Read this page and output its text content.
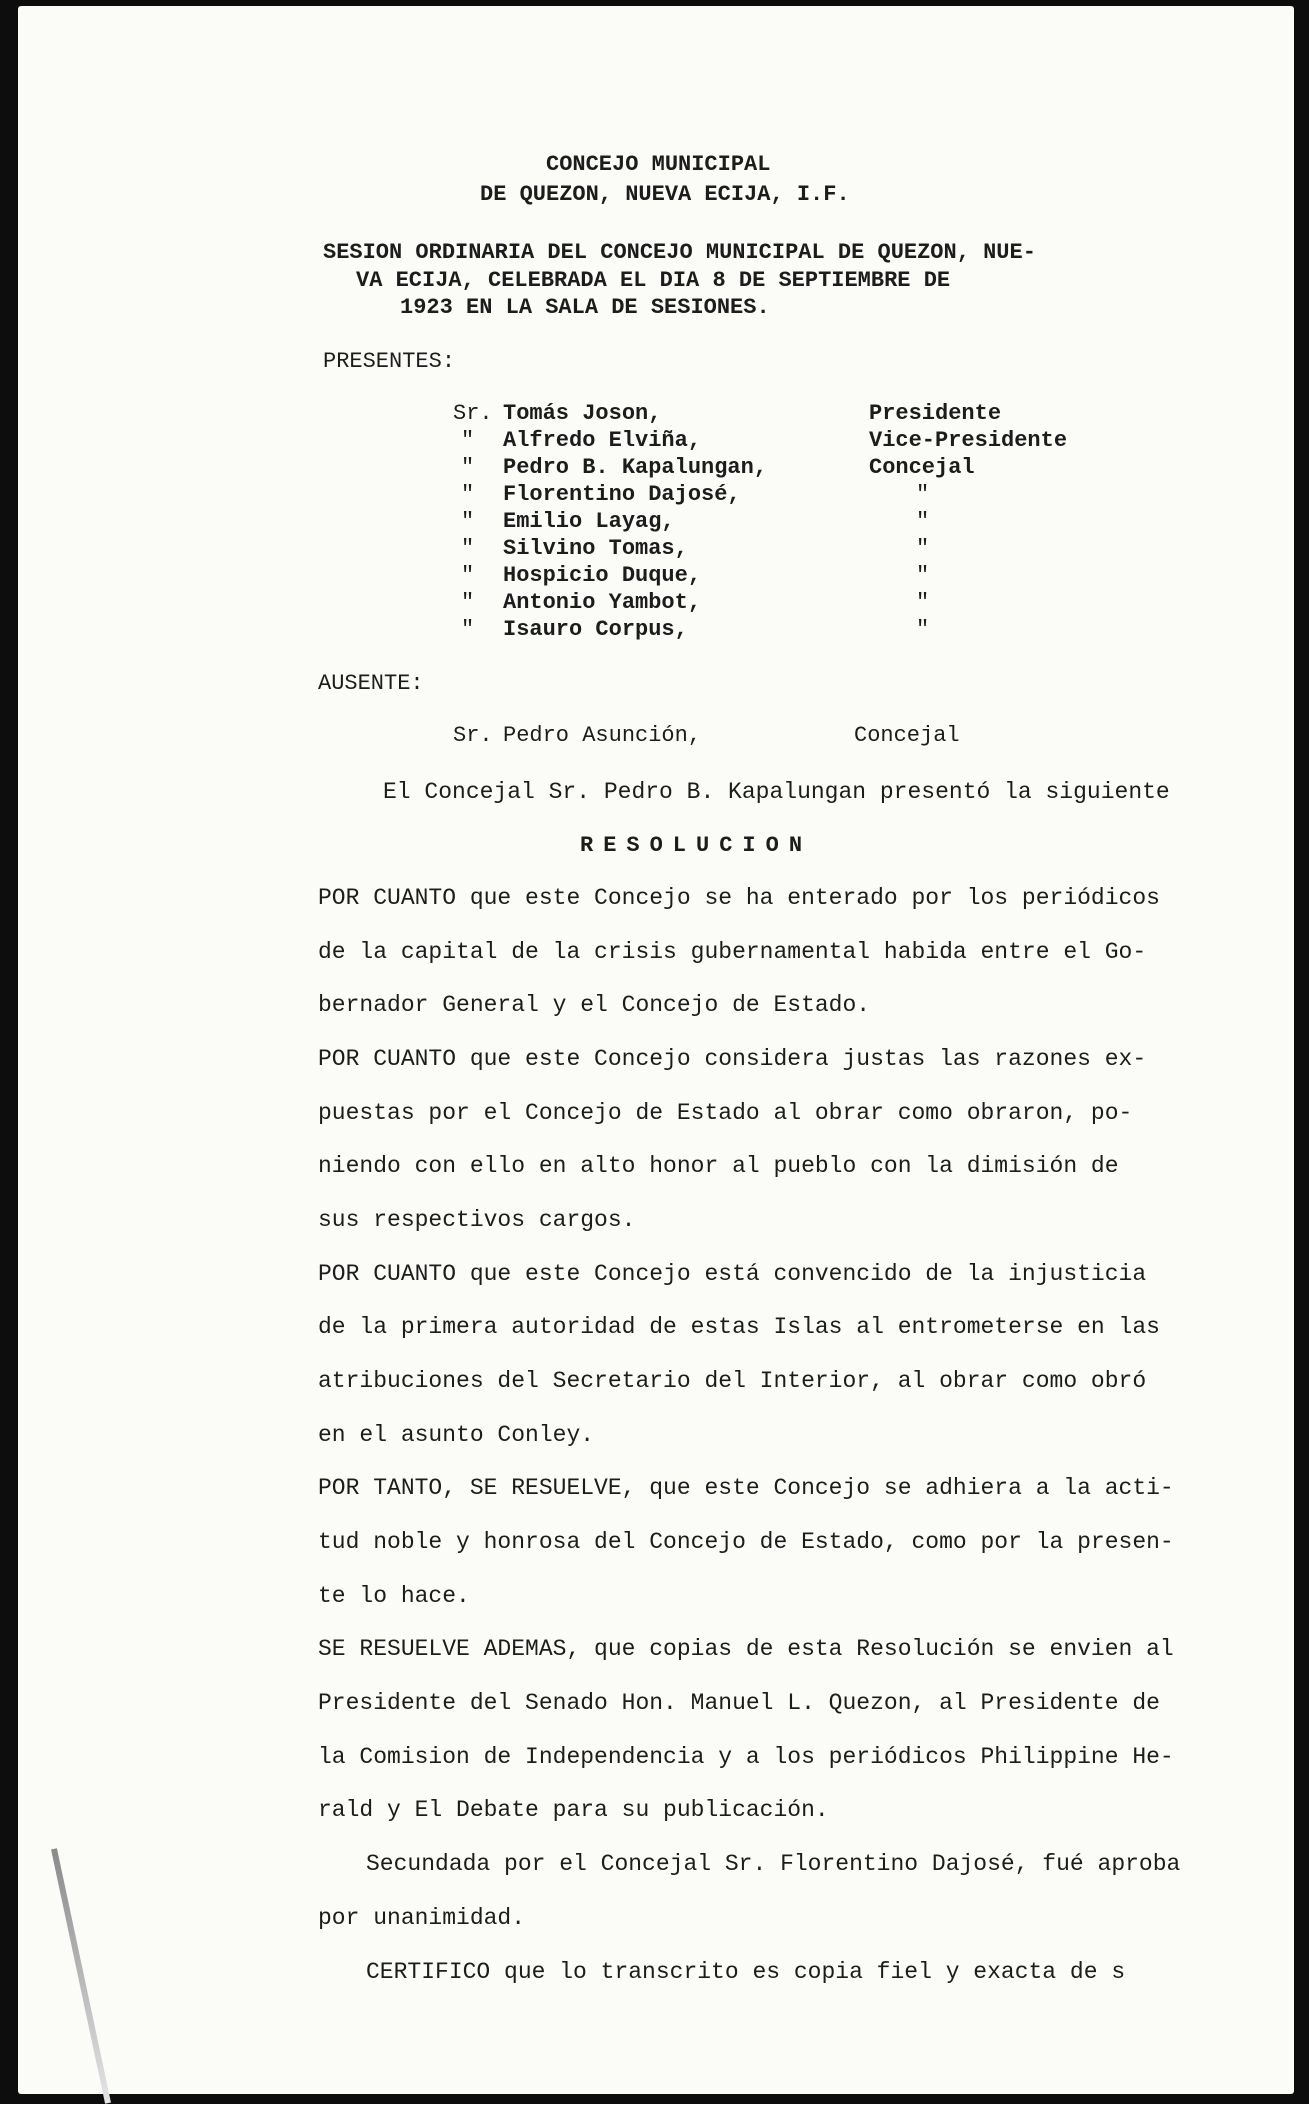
CONCEJO MUNICIPAL
DE QUEZON, NUEVA ECIJA, I.F.
SESION ORDINARIA DEL CONCEJO MUNICIPAL DE QUEZON, NUE-
VA ECIJA, CELEBRADA EL DIA 8 DE SEPTIEMBRE DE
1923 EN LA SALA DE SESIONES.
PRESENTES:
Sr. Tomás Joson,	Presidente
" Alfredo Elviña,	Vice-Presidente
" Pedro B. Kapalungan,	Concejal
" Florentino Dajosé,	"
" Emilio Layag,	"
" Silvino Tomas,	"
" Hospicio Duque,	"
" Antonio Yambot,	"
" Isauro Corpus,	"
AUSENTE:
Sr. Pedro Asunción,	Concejal
El Concejal Sr. Pedro B. Kapalungan presentó la siguiente
RESOLUCION
POR CUANTO que este Concejo se ha enterado por los periódicos
de la capital de la crisis gubernamental habida entre el Go-
bernador General y el Concejo de Estado.
POR CUANTO que este Concejo considera justas las razones ex-
puestas por el Concejo de Estado al obrar como obraron, po-
niendo con ello en alto honor al pueblo con la dimisión de
sus respectivos cargos.
POR CUANTO que este Concejo está convencido de la injusticia
de la primera autoridad de estas Islas al entrometerse en las
atribuciones del Secretario del Interior, al obrar como obró
en el asunto Conley.
POR TANTO, SE RESUELVE, que este Concejo se adhiera a la acti-
tud noble y honrosa del Concejo de Estado, como por la presen-
te lo hace.
SE RESUELVE ADEMAS, que copias de esta Resolución se envien al
Presidente del Senado Hon. Manuel L. Quezon, al Presidente de
la Comision de Independencia y a los periódicos Philippine He-
rald y El Debate para su publicación.
Secundada por el Concejal Sr. Florentino Dajosé, fué aproba
por unanimidad.
CERTIFICO que lo transcrito es copia fiel y exacta de s
